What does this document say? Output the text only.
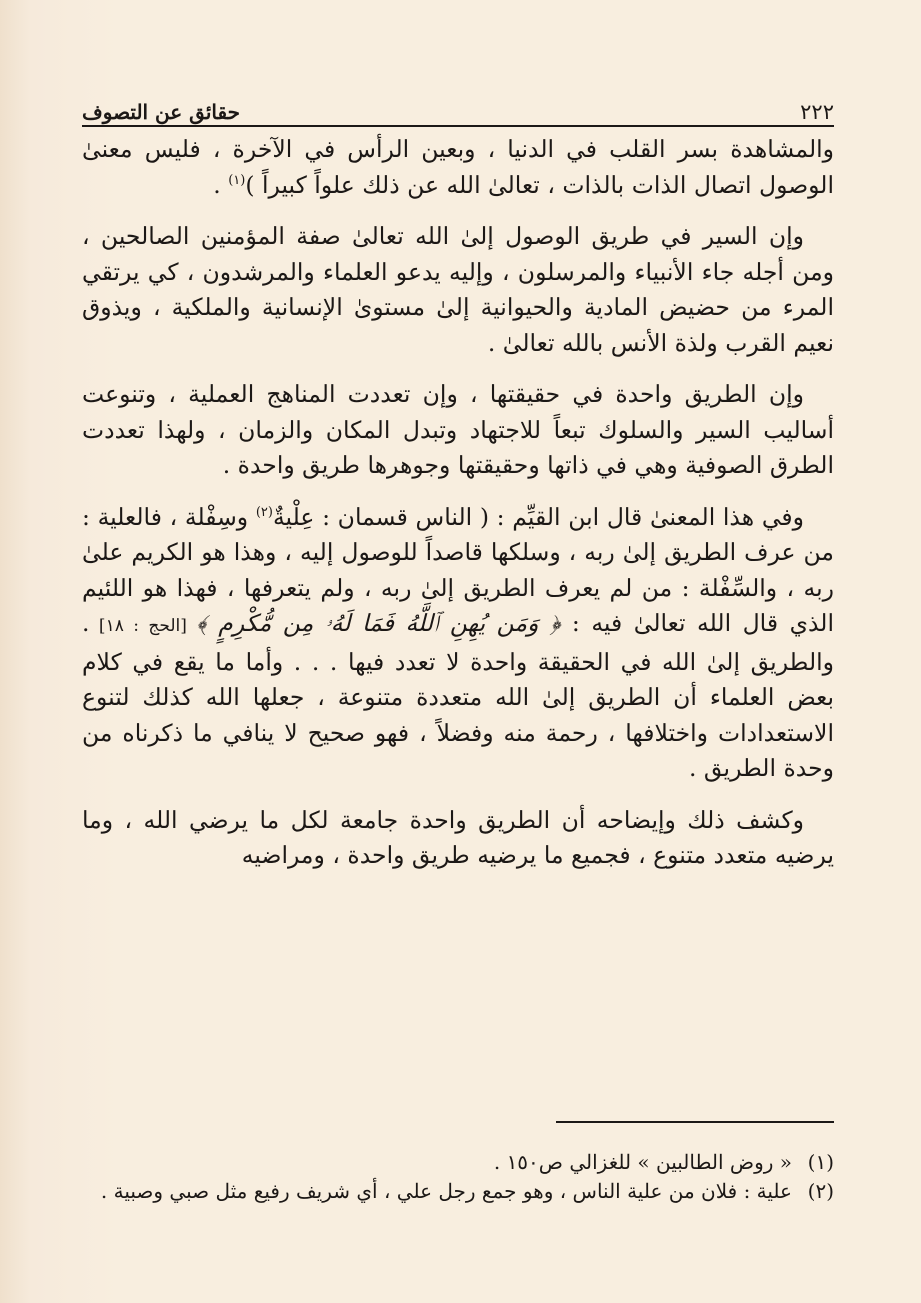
٢٢٢
حقائق عن التصوف

والمشاهدة بسر القلب في الدنيا ، وبعين الرأس في الآخرة ، فليس معنىٰ الوصول اتصال الذات بالذات ، تعالىٰ الله عن ذلك علواً كبيراً )$^{(١)}$ .

وإن السير في طريق الوصول إلىٰ الله تعالىٰ صفة المؤمنين الصالحين ، ومن أجله جاء الأنبياء والمرسلون ، وإليه يدعو العلماء والمرشدون ، كي يرتقي المرء من حضيض المادية والحيوانية إلىٰ مستوىٰ الإنسانية والملكية ، ويذوق نعيم القرب ولذة الأنس بالله تعالىٰ .

وإن الطريق واحدة في حقيقتها ، وإن تعددت المناهج العملية ، وتنوعت أساليب السير والسلوك تبعاً للاجتهاد وتبدل المكان والزمان ، ولهذا تعددت الطرق الصوفية وهي في ذاتها وحقيقتها وجوهرها طريق واحدة .

وفي هذا المعنىٰ قال ابن القيِّم : ( الناس قسمان : عِلْيةٌ$^{(٢)}$ وسِفْلة ، فالعلية : من عرف الطريق إلىٰ ربه ، وسلكها قاصداً للوصول إليه ، وهذا هو الكريم علىٰ ربه ، والسِّفْلة : من لم يعرف الطريق إلىٰ ربه ، ولم يتعرفها ، فهذا هو اللئيم الذي قال الله تعالىٰ فيه : ﴿ وَمَن يُهِنِ ٱللَّهُ فَمَا لَهُۥ مِن مُّكْرِمٍ ﴾ [الحج : ١٨] . والطريق إلىٰ الله في الحقيقة واحدة لا تعدد فيها . . . وأما ما يقع في كلام بعض العلماء أن الطريق إلىٰ الله متعددة متنوعة ، جعلها الله كذلك لتنوع الاستعدادات واختلافها ، رحمة منه وفضلاً ، فهو صحيح لا ينافي ما ذكرناه من وحدة الطريق .

وكشف ذلك وإيضاحه أن الطريق واحدة جامعة لكل ما يرضي الله ، وما يرضيه متعدد متنوع ، فجميع ما يرضيه طريق واحدة ، ومراضيه

(١)
« روض الطالبين » للغزالي ص١٥٠ .

(٢)
علية : فلان من علية الناس ، وهو جمع رجل علي ، أي شريف رفيع مثل صبي وصبية .
